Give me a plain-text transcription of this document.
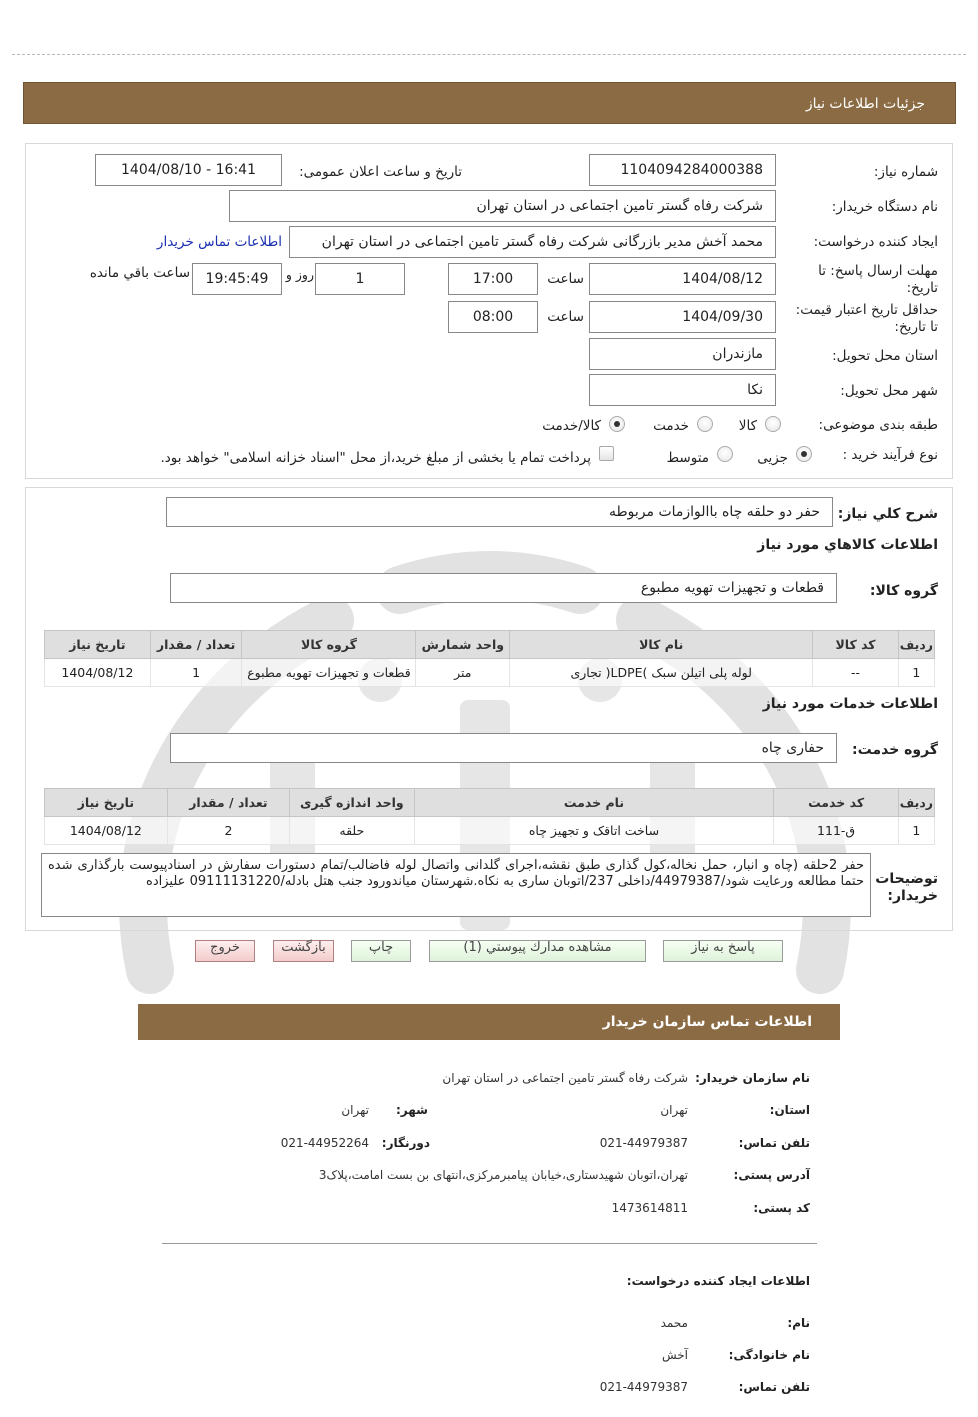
جزئیات اطلاعات نیاز
شماره نیاز:
1104094284000388
تاریخ و ساعت اعلان عمومی:
1404/08/10 - 16:41
نام دستگاه خریدار:
شرکت رفاه گستر تامین اجتماعی در استان تهران
ایجاد کننده درخواست:
محمد آخش مدیر بازرگانی شرکت رفاه گستر تامین اجتماعی در استان تهران
اطلاعات تماس خریدار
مهلت ارسال پاسخ: تا
تاریخ:
1404/08/12
ساعت
17:00
1
روز و
19:45:49
ساعت باقي مانده
حداقل تاریخ اعتبار قیمت:
تا تاریخ:
1404/09/30
ساعت
08:00
استان محل تحویل:
مازندران
شهر محل تحویل:
نکا
طبقه بندی موضوعی:
کالا
خدمت
کالا/خدمت
نوع فرآیند خرید :
جزیی
متوسط
پرداخت تمام یا بخشی از مبلغ خرید،از محل "اسناد خزانه اسلامی" خواهد بود.
شرح کلي نیاز:
حفر دو حلقه چاه باالوازمات مربوطه
اطلاعات کالاهاي مورد نیاز
گروه کالا:
قطعات و تجهیزات تهویه مطبوع
ردیف	کد کالا	نام کالا	واحد شمارش	گروه کالا	تعداد / مقدار	تاریخ نیاز
1	--	لوله پلی اتیلن سبک )LDPE( تجاری	متر	قطعات و تجهیزات تهویه مطبوع	1	1404/08/12
اطلاعات خدمات مورد نیاز
گروه خدمت:
حفاری چاه
ردیف	کد خدمت	نام خدمت	واحد اندازه گیری	تعداد / مقدار	تاریخ نیاز
1	ق-111	ساخت اتاقک و تجهیز چاه	حلقه	2	1404/08/12
توضیحات
خریدار:
حفر 2حلقه (چاه و انبار، حمل نخاله،کول گذاری طبق نقشه،اجرای گلدانی واتصال لوله فاضالب/تمام دستورات سفارش در اسنادپیوست بارگذاری شده حتما مطالعه ورعایت شود/44979387/داخلی 237/اتوبان ساری به نکاه.شهرستان میاندورود جنب هتل بادله/09111131220 علیزاده
پاسخ به نیاز
مشاهده مدارك پیوستي (1)
چاپ
بازگشت
خروج
اطلاعات تماس سازمان خریدار
نام سازمان خریدار:
شرکت رفاه گستر تامین اجتماعی در استان تهران
استان:
تهران
شهر:
تهران
تلفن تماس:
021-44979387
دورنگار:
021-44952264
آدرس پستی:
تهران،اتوبان شهیدستاری،خیابان پیامبرمرکزی،انتهای بن بست امامت،پلاک3
کد پستی:
1473614811
اطلاعات ایجاد کننده درخواست:
نام:
محمد
نام خانوادگی:
آخش
تلفن تماس:
021-44979387
